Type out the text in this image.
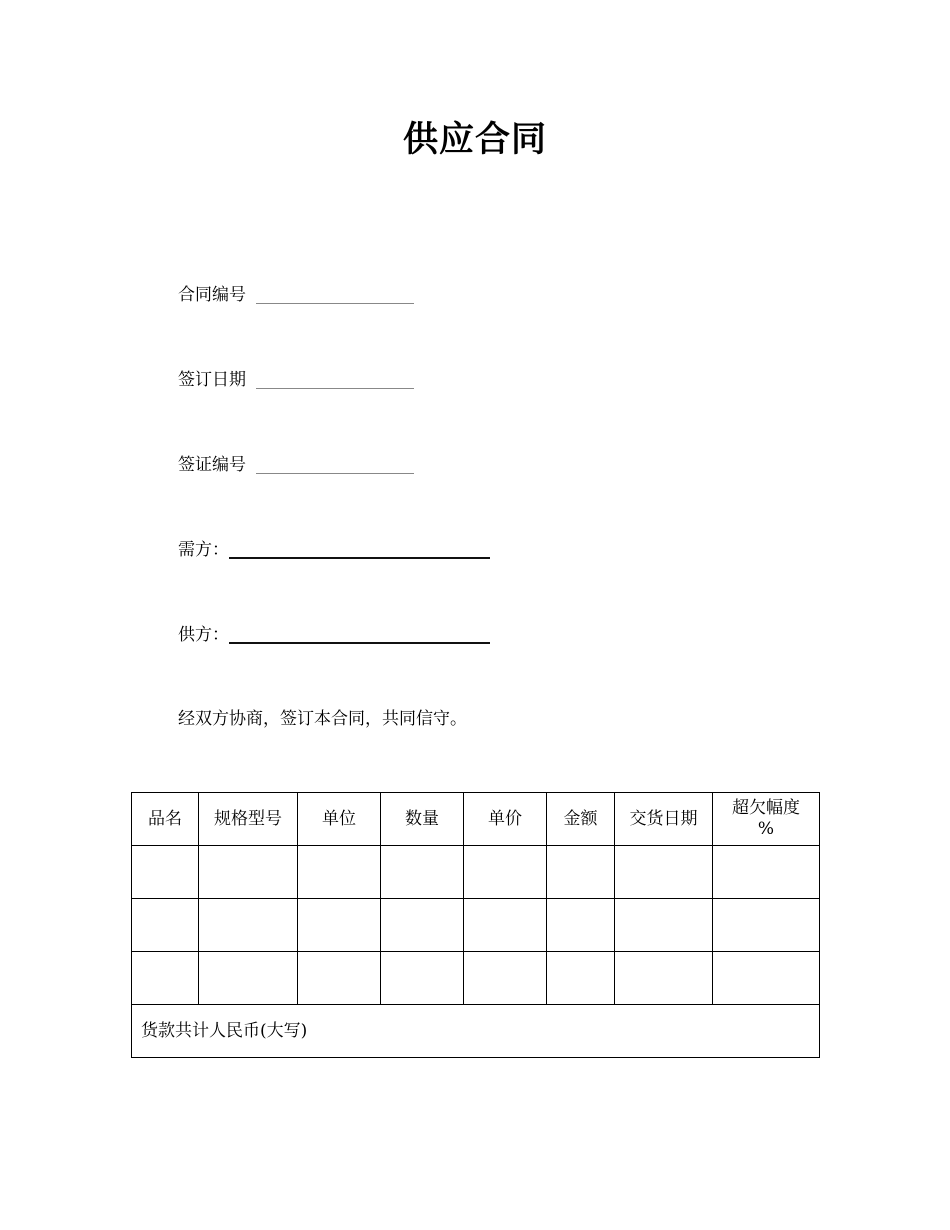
供应合同
合同编号
签订日期
签证编号
需方：
供方：
经双方协商，签订本合同，共同信守。
品名	规格型号	单位	数量	单价	金额	交货日期	超欠幅度
%

货款共计人民币(大写)							
